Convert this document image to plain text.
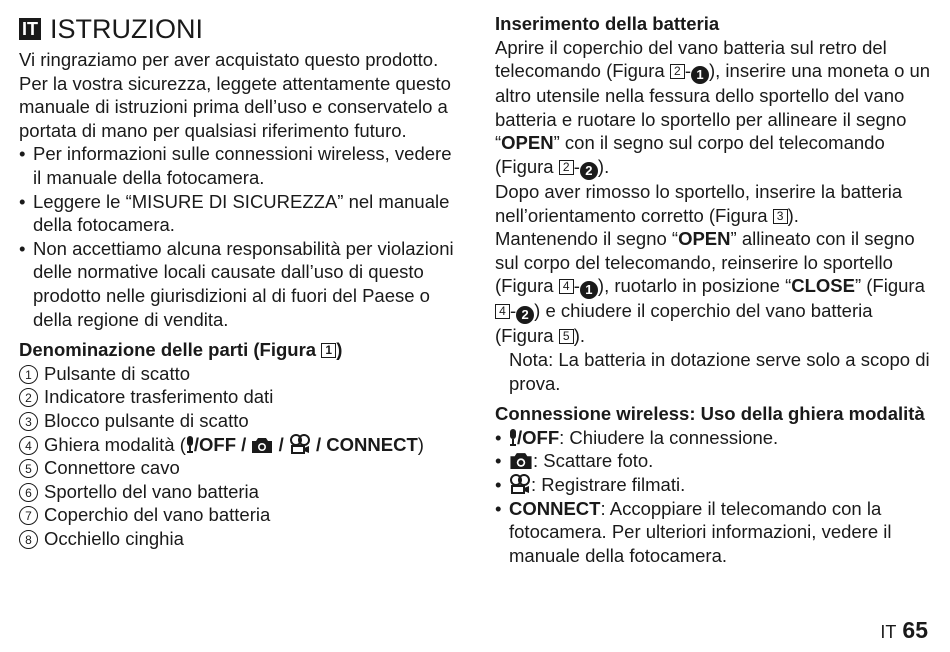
IT ISTRUZIONI

Vi ringraziamo per aver acquistato questo prodotto.

Per la vostra sicurezza, leggete attentamente questo manuale di istruzioni prima dell’uso e conservatelo a portata di mano per qualsiasi riferimento futuro.

• Per informazioni sulle connessioni wireless, vedere il manuale della fotocamera.
• Leggere le “MISURE DI SICUREZZA” nel manuale della fotocamera.
• Non accettiamo alcuna responsabilità per violazioni delle normative locali causate dall’uso di questo prodotto nelle giurisdizioni al di fuori del Paese o della regione di vendita.
Denominazione delle parti (Figura 1 )
1 Pulsante di scatto
2 Indicatore trasferimento dati
3 Blocco pulsante di scatto
4 Ghiera modalità ( /OFF /  /  / CONNECT)
5 Connettore cavo
6 Sportello del vano batteria
7 Coperchio del vano batteria
8 Occhiello cinghia
Inserimento della batteria

Aprire il coperchio del vano batteria sul retro del telecomando (Figura 2 - 1 ), inserire una moneta o un altro utensile nella fessura dello sportello del vano batteria e ruotare lo sportello per allineare il segno “OPEN” con il segno sul corpo del telecomando (Figura 2 - 2 ).
Dopo aver rimosso lo sportello, inserire la batteria nell’orientamento corretto (Figura 3 ).
Mantenendo il segno “OPEN” allineato con il segno sul corpo del telecomando, reinserire lo sportello (Figura 4 - 1 ), ruotarlo in posizione “CLOSE” (Figura 4 - 2 ) e chiudere il coperchio del vano batteria (Figura 5 ).

Nota: La batteria in dotazione serve solo a scopo di prova.

Connessione wireless: Uso della ghiera modalità
• /OFF: Chiudere la connessione.
• : Scattare foto.
• : Registrare filmati.
• CONNECT: Accoppiare il telecomando con la fotocamera. Per ulteriori informazioni, vedere il manuale della fotocamera.
IT 65
